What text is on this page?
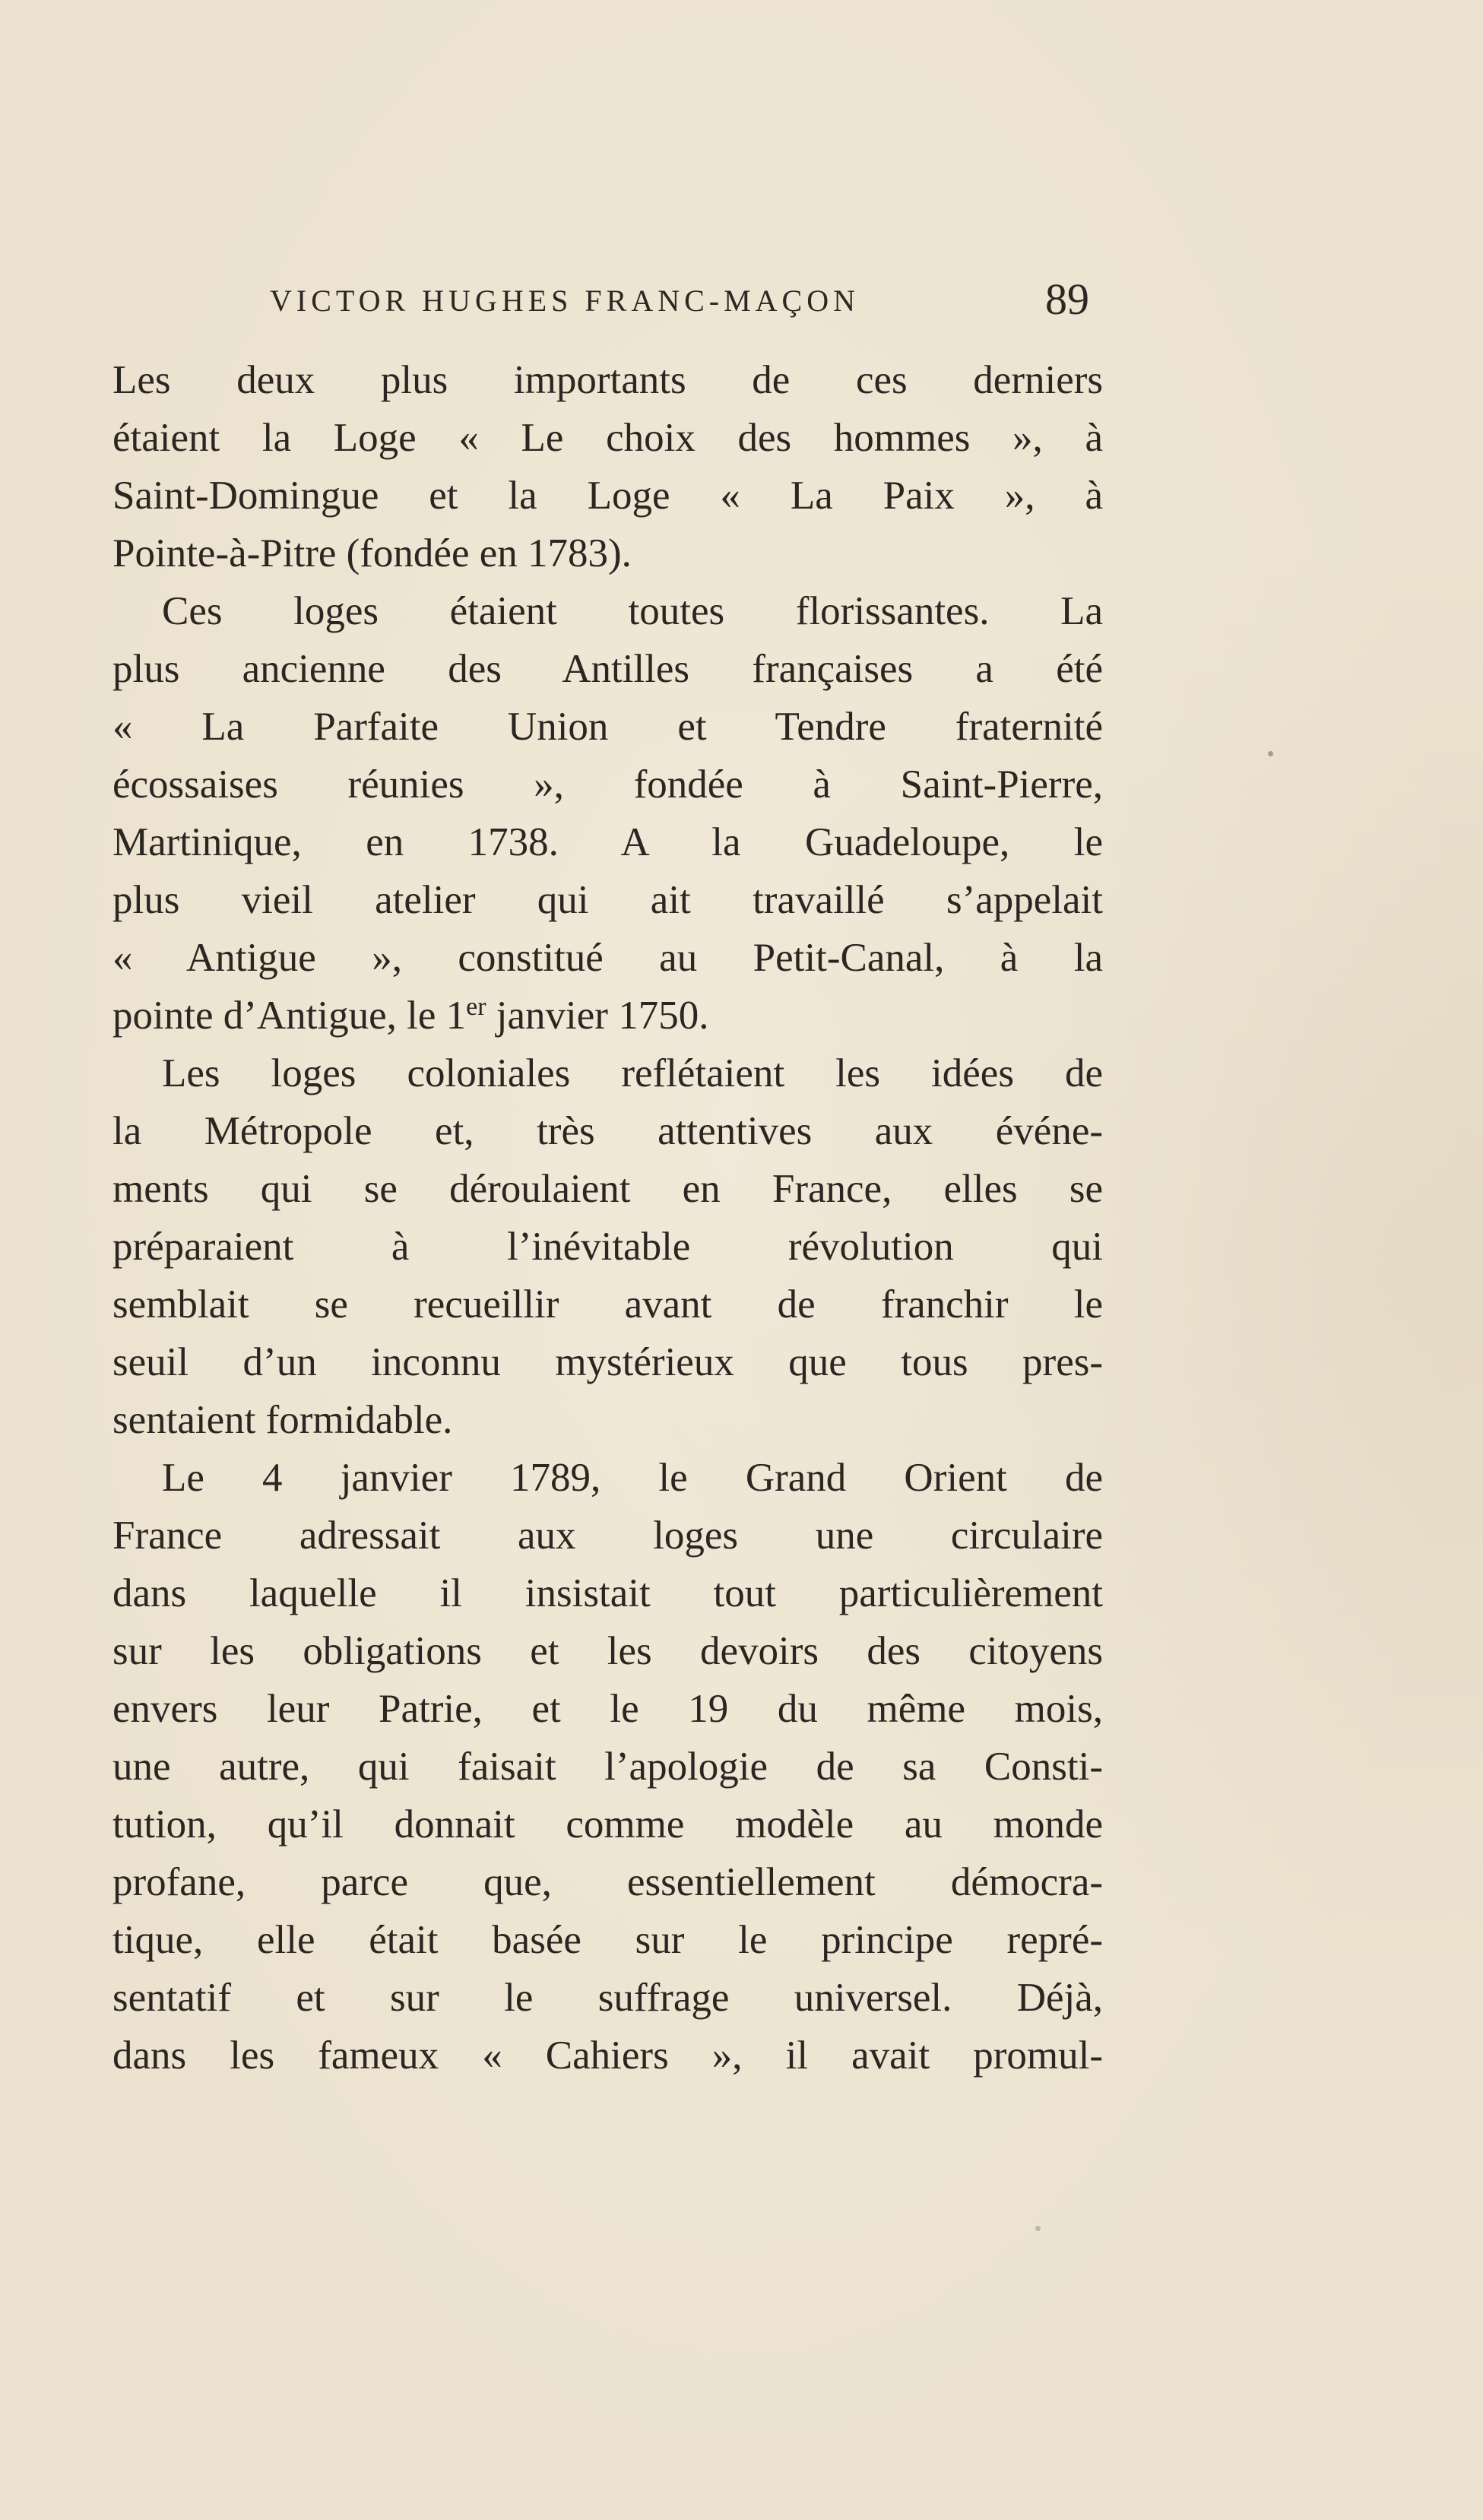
VICTOR HUGHES FRANC-MAÇON	89

Les deux plus importants de ces derniers
étaient la Loge « Le choix des hommes », à
Saint-Domingue et la Loge « La Paix », à
Pointe-à-Pitre (fondée en 1783).

Ces loges étaient toutes florissantes. La
plus ancienne des Antilles françaises a été
« La Parfaite Union et Tendre fraternité
écossaises réunies », fondée à Saint-Pierre,
Martinique, en 1738. A la Guadeloupe, le
plus vieil atelier qui ait travaillé s’appelait
« Antigue », constitué au Petit-Canal, à la
pointe d’Antigue, le 1er janvier 1750.

Les loges coloniales reflétaient les idées de
la Métropole et, très attentives aux événe-
ments qui se déroulaient en France, elles se
préparaient à l’inévitable révolution qui
semblait se recueillir avant de franchir le
seuil d’un inconnu mystérieux que tous pres-
sentaient formidable.

Le 4 janvier 1789, le Grand Orient de
France adressait aux loges une circulaire
dans laquelle il insistait tout particulièrement
sur les obligations et les devoirs des citoyens
envers leur Patrie, et le 19 du même mois,
une autre, qui faisait l’apologie de sa Consti-
tution, qu’il donnait comme modèle au monde
profane, parce que, essentiellement démocra-
tique, elle était basée sur le principe repré-
sentatif et sur le suffrage universel. Déjà,
dans les fameux « Cahiers », il avait promul-
